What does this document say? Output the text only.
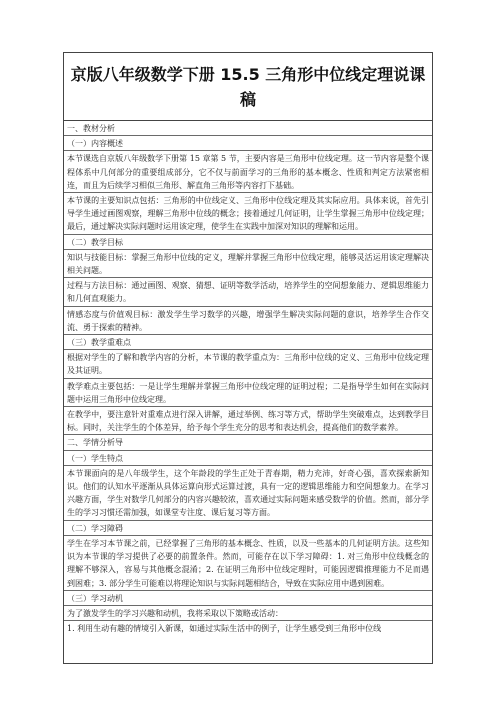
京版八年级数学下册 15.5 三角形中位线定理说课稿
一、教材分析
（一）内容概述
本节课选自京版八年级数学下册第 15 章第 5 节，主要内容是三角形中位线定理。这一节内容是整个课程体系中几何部分的重要组成部分，它不仅与前面学习的三角形的基本概念、性质和判定方法紧密相连，而且为后续学习相似三角形、解直角三角形等内容打下基础。
本节课的主要知识点包括：三角形的中位线定义、三角形中位线定理及其实际应用。具体来说，首先引导学生通过画图观察，理解三角形中位线的概念；接着通过几何证明，让学生掌握三角形中位线定理；最后，通过解决实际问题时运用该定理，使学生在实践中加深对知识的理解和运用。
（二）教学目标
知识与技能目标：掌握三角形中位线的定义，理解并掌握三角形中位线定理，能够灵活运用该定理解决相关问题。
过程与方法目标：通过画图、观察、猜想、证明等数学活动，培养学生的空间想象能力、逻辑思维能力和几何直观能力。
情感态度与价值观目标：激发学生学习数学的兴趣，增强学生解决实际问题的意识，培养学生合作交流、勇于探索的精神。
（三）教学重难点
根据对学生的了解和教学内容的分析，本节课的教学重点为：三角形中位线的定义、三角形中位线定理及其证明。
教学难点主要包括：一是让学生理解并掌握三角形中位线定理的证明过程；二是指导学生如何在实际问题中运用三角形中位线定理。
在教学中，要注意针对重难点进行深入讲解，通过举例、练习等方式，帮助学生突破难点，达到教学目标。同时，关注学生的个体差异，给予每个学生充分的思考和表达机会，提高他们的数学素养。
二、学情分析导
（一）学生特点
本节课面向的是八年级学生，这个年龄段的学生正处于青春期，精力充沛，好奇心强，喜欢探索新知识。他们的认知水平逐渐从具体运算向形式运算过渡，具有一定的逻辑思维能力和空间想象力。在学习兴趣方面，学生对数学几何部分的内容兴趣较浓，喜欢通过实际问题来感受数学的价值。然而，部分学生的学习习惯还需加强，如课堂专注度、课后复习等方面。
（二）学习障碍
学生在学习本节课之前，已经掌握了三角形的基本概念、性质，以及一些基本的几何证明方法。这些知识为本节课的学习提供了必要的前置条件。然而，可能存在以下学习障碍：1. 对三角形中位线概念的理解不够深入，容易与其他概念混淆；2. 在证明三角形中位线定理时，可能因逻辑推理能力不足而遇到困难；3. 部分学生可能难以将理论知识与实际问题相结合，导致在实际应用中遇到困难。
（三）学习动机
为了激发学生的学习兴趣和动机，我将采取以下策略或活动：
1. 利用生动有趣的情境引入新课，如通过实际生活中的例子，让学生感受到三角形中位线
